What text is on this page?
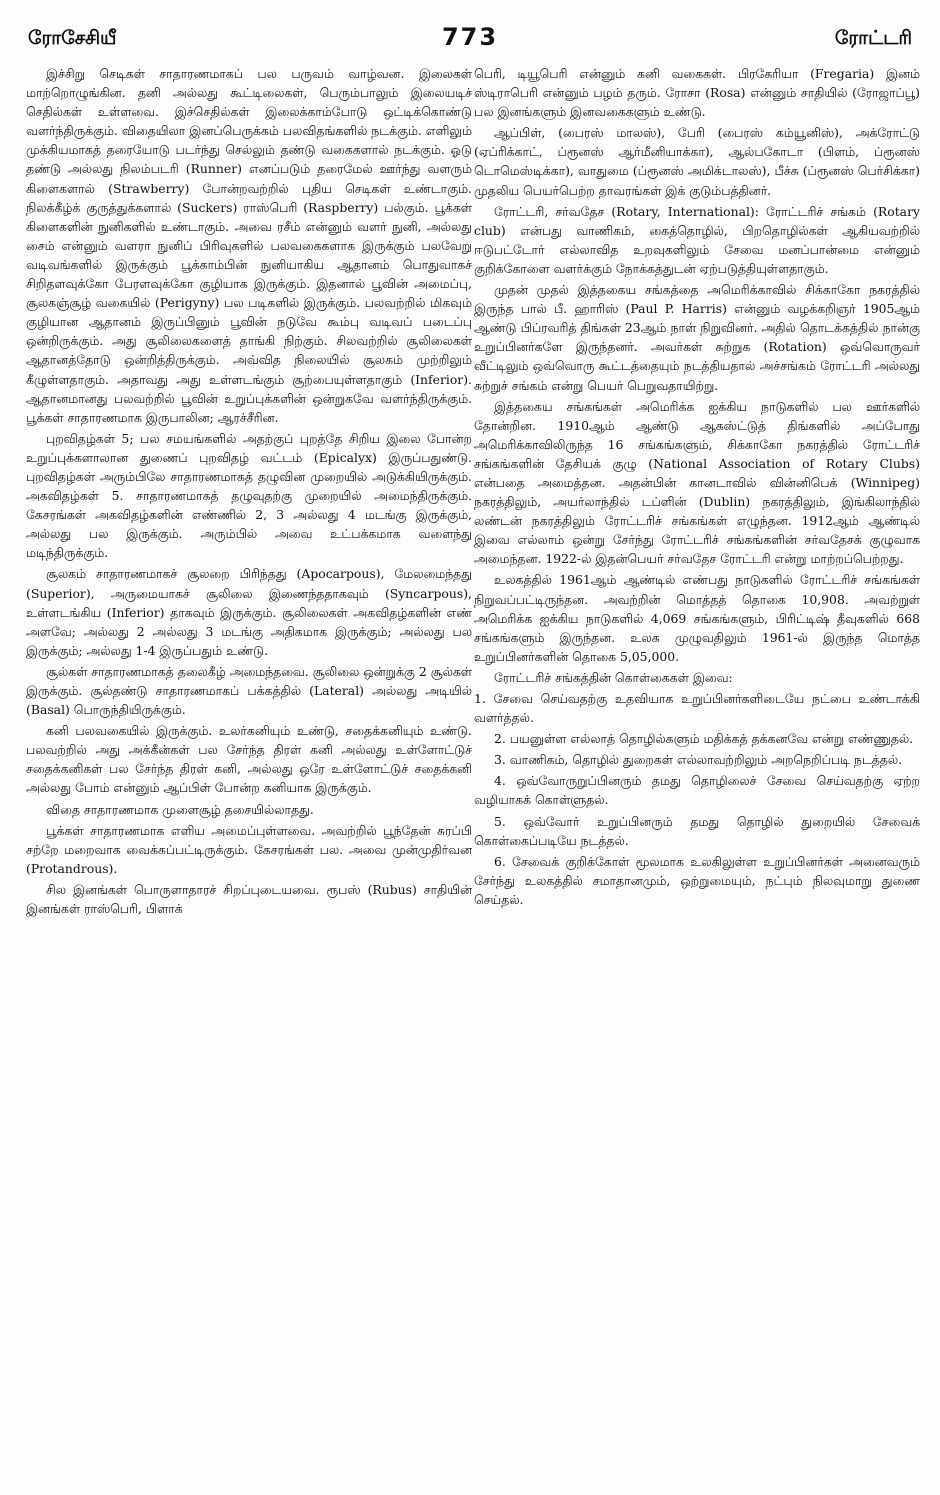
ரோசேசியீ	773	ரோட்டரி

இச்சிறு செடிகள் சாதாரணமாகப் பல பருவம் வாழ்வன. இலைகள் மாற்றொழுங்கின. தனி அல்லது கூட்டிலைகள், பெரும்பாலும் இலையடிச் செதில்கள் உள்ளவை. இச்செதில்கள் இலைக்காம்போடு ஒட்டிக்கொண்டு வளர்ந்திருக்கும். விதையிலா இனப்பெருக்கம் பலவிதங்களில் நடக்கும். எளிலும் முக்கியமாகத் தரையோடு படர்ந்து செல்லும் தண்டு வகைகளால் நடக்கும். ஓடு தண்டு அல்லது நிலம்படரி (Runner) எனப்படும் தரைமேல் ஊர்ந்து வளரும் கிளைகளால் (Strawberry) போன்றவற்றில் புதிய செடிகள் உண்டாகும். நிலக்கீழ்க் குருத்துக்களால் (Suckers) ராஸ்பெரி (Raspberry) பல்கும். பூக்கள் கிளைகளின் நுனிகளில் உண்டாகும். அவை ரசீம் என்னும் வளர் நுனி, அல்லது சைம் என்னும் வளரா நுனிப் பிரிவுகளில் பலவகைகளாக இருக்கும் பலவேறு வடிவங்களில் இருக்கும் பூக்காம்பின் நுனியாகிய ஆதானம் பொதுவாகச் சிறிதளவுக்கோ பேரளவுக்கோ குழியாக இருக்கும். இதனால் பூவின் அமைப்பு, சூலகஞ்சூழ் வகையில் (Perigyny) பல படிகளில் இருக்கும். பலவற்றில் மிகவும் குழியான ஆதானம் இருப்பினும் பூவின் நடுவே கூம்பு வடிவப் படைப்பு ஒன்றிருக்கும். அது சூலிலைகளைத் தாங்கி நிற்கும். சிலவற்றில் சூலிலைகள் ஆதானத்தோடு ஒன்றித்திருக்கும். அவ்வித நிலையில் சூலகம் முற்றிலும் கீழுள்ளதாகும். அதாவது அது உள்ளடங்கும் சூற்பையுள்ளதாகும் (Inferior). ஆதானமானது பலவற்றில் பூவின் உறுப்புக்களின் ஒன்றுகவே வளர்ந்திருக்கும். பூக்கள் சாதாரணமாக இருபாலின; ஆரச்சீரின.

புறவிதழ்கள் 5; பல சமயங்களில் அதற்குப் புறத்தே சிறிய இலை போன்ற உறுப்புக்களாலான துணைப் புறவிதழ் வட்டம் (Epicalyx) இருப்பதுண்டு. புறவிதழ்கள் அரும்பிலே சாதாரணமாகத் தழுவின முறையில் அடுக்கியிருக்கும். அகவிதழ்கள் 5. சாதாரணமாகத் தழுவுதற்கு முறையில் அமைந்திருக்கும். கேசரங்கள் அகவிதழ்களின் எண்ணில் 2, 3 அல்லது 4 மடங்கு இருக்கும், அல்லது பல இருக்கும். அரும்பில் அவை உட்பக்கமாக வளைந்து மடிந்திருக்கும்.

சூலகம் சாதாரணமாகச் சூலறை பிரிந்தது (Apocarpous), மேலமைந்தது (Superior), அருமையாகச் சூலிலை இணைந்ததாகவும் (Syncarpous), உள்ளடங்கிய (Inferior) தாகவும் இருக்கும். சூலிலைகள் அகவிதழ்களின் எண் அளவே; அல்லது 2 அல்லது 3 மடங்கு அதிகமாக இருக்கும்; அல்லது பல இருக்கும்; அல்லது 1-4 இருப்பதும் உண்டு.

சூல்கள் சாதாரணமாகத் தலைகீழ் அமைந்தவை. சூலிலை ஒன்றுக்கு 2 சூல்கள் இருக்கும். சூல்தண்டு சாதாரணமாகப் பக்கத்தில் (Lateral) அல்லது அடியில் (Basal) பொருந்தியிருக்கும்.

கனி பலவகையில் இருக்கும். உலர்கனியும் உண்டு, சதைக்கனியும் உண்டு. பலவற்றில் அது அக்கீன்கள் பல சேர்ந்த திரள் கனி அல்லது உள்ளோட்டுச் சதைக்கனிகள் பல சேர்ந்த திரள் கனி, அல்லது ஒரே உள்ளோட்டுச் சதைக்கனி அல்லது போம் என்னும் ஆப்பிள் போன்ற கனியாக இருக்கும்.

விதை சாதாரணமாக முளைசூழ் தசையில்லாதது.

பூக்கள் சாதாரணமாக எளிய அமைப்புள்ளவை. அவற்றில் பூந்தேன் சுரப்பி சற்றே மறைவாக வைக்கப்பட்டிருக்கும். கேசரங்கள் பல. அவை முன்முதிர்வன (Protandrous).

சில இனங்கள் பொருளாதாரச் சிறப்புடையவை. ரூபஸ் (Rubus) சாதியின் இனங்கள் ராஸ்பெரி, பிளாக்

பெரி, டியூபெரி என்னும் கனி வகைகள். பிரகேரியா (Fregaria) இனம் ஸ்டிராபெரி என்னும் பழம் தரும். ரோசா (Rosa) என்னும் சாதியில் (ரோஜாப்பூ) பல இனங்களும் இனவகைகளும் உண்டு.

ஆப்பிள், (பைரஸ் மாலஸ்), பேரி (பைரஸ் கம்யூனிஸ்), அக்ரோட்டு (ஏப்ரிக்காட், ப்ரூனஸ் ஆர்மீனியாக்கா), ஆல்பகோடா (பிளம், ப்ரூனஸ் டொமெஸ்டிக்கா), வாதுமை (ப்ரூனஸ் அமிக்டாலஸ்), பீச்சு (ப்ரூனஸ் பெர்சிக்கா) முதலிய பெயர்பெற்ற தாவரங்கள் இக் குடும்பத்தினர்.

ரோட்டரி, சர்வதேச (Rotary, International): ரோட்டரிச் சங்கம் (Rotary club) என்பது வாணிகம், கைத்தொழில், பிறதொழில்கள் ஆகியவற்றில் ஈடுபட்டோர் எல்லாவித உறவுகளிலும் சேவை மனப்பான்மை என்னும் குறிக்கோளை வளர்க்கும் நோக்கத்துடன் ஏற்படுத்தியுள்ளதாகும்.

முதன் முதல் இத்தகைய சங்கத்தை அமெரிக்காவில் சிக்காகோ நகரத்தில் இருந்த பால் பீ. ஹாரிஸ் (Paul P. Harris) என்னும் வழக்கறிஞர் 1905ஆம் ஆண்டு பிப்ரவரித் திங்கள் 23ஆம் நாள் நிறுவினர். அதில் தொடக்கத்தில் நான்கு உறுப்பினர்களே இருந்தனர். அவர்கள் சுற்றுக (Rotation) ஒவ்வொருவர் வீட்டிலும் ஒவ்வொரு கூட்டத்தையும் நடத்தியதால் அச்சங்கம் ரோட்டரி அல்லது சுற்றுச் சங்கம் என்று பெயர் பெறுவதாயிற்று.

இத்தகைய சங்கங்கள் அமெரிக்க ஐக்கிய நாடுகளில் பல ஊர்களில் தோன்றின. 1910ஆம் ஆண்டு ஆகஸ்ட்டுத் திங்களில் அப்போது அமெரிக்காவிலிருந்த 16 சங்கங்களும், சிக்காகோ நகரத்தில் ரோட்டரிச் சங்கங்களின் தேசியக் குழு (National Association of Rotary Clubs) என்பதை அமைத்தன. அதன்பின் கானடாவில் வின்னிபெக் (Winnipeg) நகரத்திலும், அயர்லாந்தில் டப்ளின் (Dublin) நகரத்திலும், இங்கிலாந்தில் லண்டன் நகரத்திலும் ரோட்டரிச் சங்கங்கள் எழுந்தன. 1912ஆம் ஆண்டில் இவை எல்லாம் ஒன்று சேர்ந்து ரோட்டரிச் சங்கங்களின் சர்வதேசக் குழுவாக அமைந்தன. 1922-ல் இதன்பெயர் சர்வதேச ரோட்டரி என்று மாற்றப்பெற்றது.

உலகத்தில் 1961ஆம் ஆண்டில் எண்பது நாடுகளில் ரோட்டரிச் சங்கங்கள் நிறுவப்பட்டிருந்தன. அவற்றின் மொத்தத் தொகை 10,908. அவற்றுள் அமெரிக்க ஐக்கிய நாடுகளில் 4,069 சங்கங்களும், பிரிட்டிஷ் தீவுகளில் 668 சங்கங்களும் இருந்தன. உலக முழுவதிலும் 1961-ல் இருந்த மொத்த உறுப்பினர்களின் தொகை 5,05,000.

ரோட்டரிச் சங்கத்தின் கொள்கைகள் இவை:

1. சேவை செய்வதற்கு உதவியாக உறுப்பினர்களிடையே நட்பை உண்டாக்கி வளர்த்தல்.

2. பயனுள்ள எல்லாத் தொழில்களும் மதிக்கத் தக்கனவே என்று எண்ணுதல்.

3. வாணிகம், தொழில் துறைகள் எல்லாவற்றிலும் அறநெறிப்படி நடத்தல்.

4. ஒவ்வோருறுப்பினரும் தமது தொழிலைச் சேவை செய்வதற்கு ஏற்ற வழியாகக் கொள்ளுதல்.

5. ஒவ்வோர் உறுப்பினரும் தமது தொழில் துறையில் சேவைக் கொள்கைப்படியே நடத்தல்.

6. சேவைக் குறிக்கோள் மூலமாக உலகிலுள்ள உறுப்பினர்கள் அனைவரும் சேர்ந்து உலகத்தில் சமாதானமும், ஒற்றுமையும், நட்பும் நிலவுமாறு துணை செய்தல்.
